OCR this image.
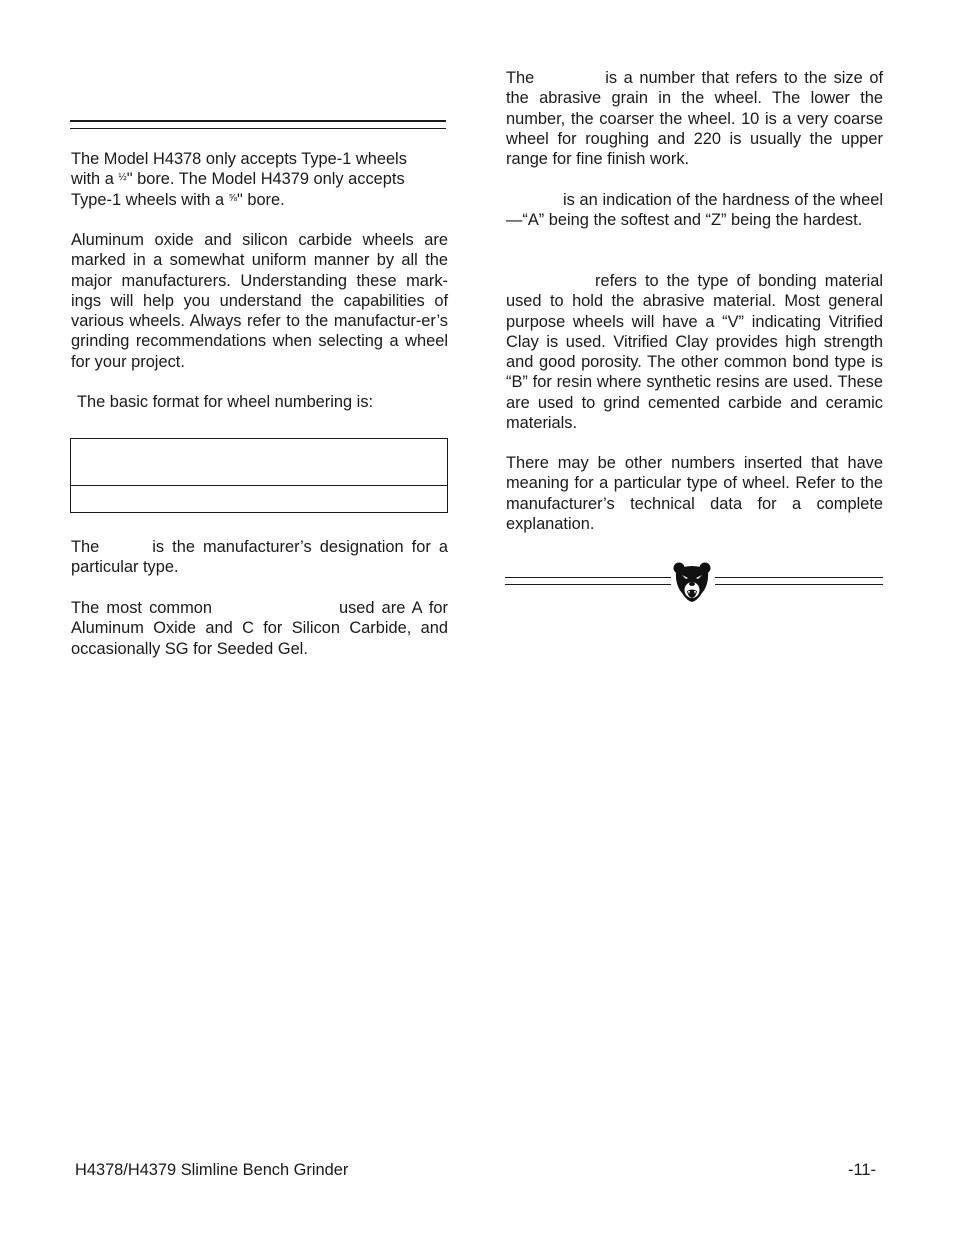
The Model H4378 only accepts Type-1 wheels
with a $^{\frac{1}{2}}$" bore. The Model H4379 only accepts
Type-1 wheels with a $^{\frac{5}{8}}$" bore.

Aluminum oxide and silicon carbide wheels are marked in a somewhat uniform manner by all the major manufacturers. Understanding these mark-ings will help you understand the capabilities of various wheels. Always refer to the manufactur-er’s grinding recommendations when selecting a wheel for your project.

The basic format for wheel numbering is:

The	is the manufacturer’s designation for a particular type.

The most common	used are A for Aluminum Oxide and C for Silicon Carbide, and occasionally SG for Seeded Gel.

The	is a number that refers to the size of the abrasive grain in the wheel. The lower the number, the coarser the wheel. 10 is a very coarse wheel for roughing and 220 is usually the upper range for fine finish work.

is an indication of the hardness of the wheel—“A” being the softest and “Z” being the hardest.

refers to the type of bonding material used to hold the abrasive material. Most general purpose wheels will have a “V” indicating Vitrified Clay is used. Vitrified Clay provides high strength and good porosity. The other common bond type is “B” for resin where synthetic resins are used. These are used to grind cemented carbide and ceramic materials.

There may be other numbers inserted that have meaning for a particular type of wheel. Refer to the manufacturer’s technical data for a complete explanation.

H4378/H4379 Slimline Bench Grinder	-11-
